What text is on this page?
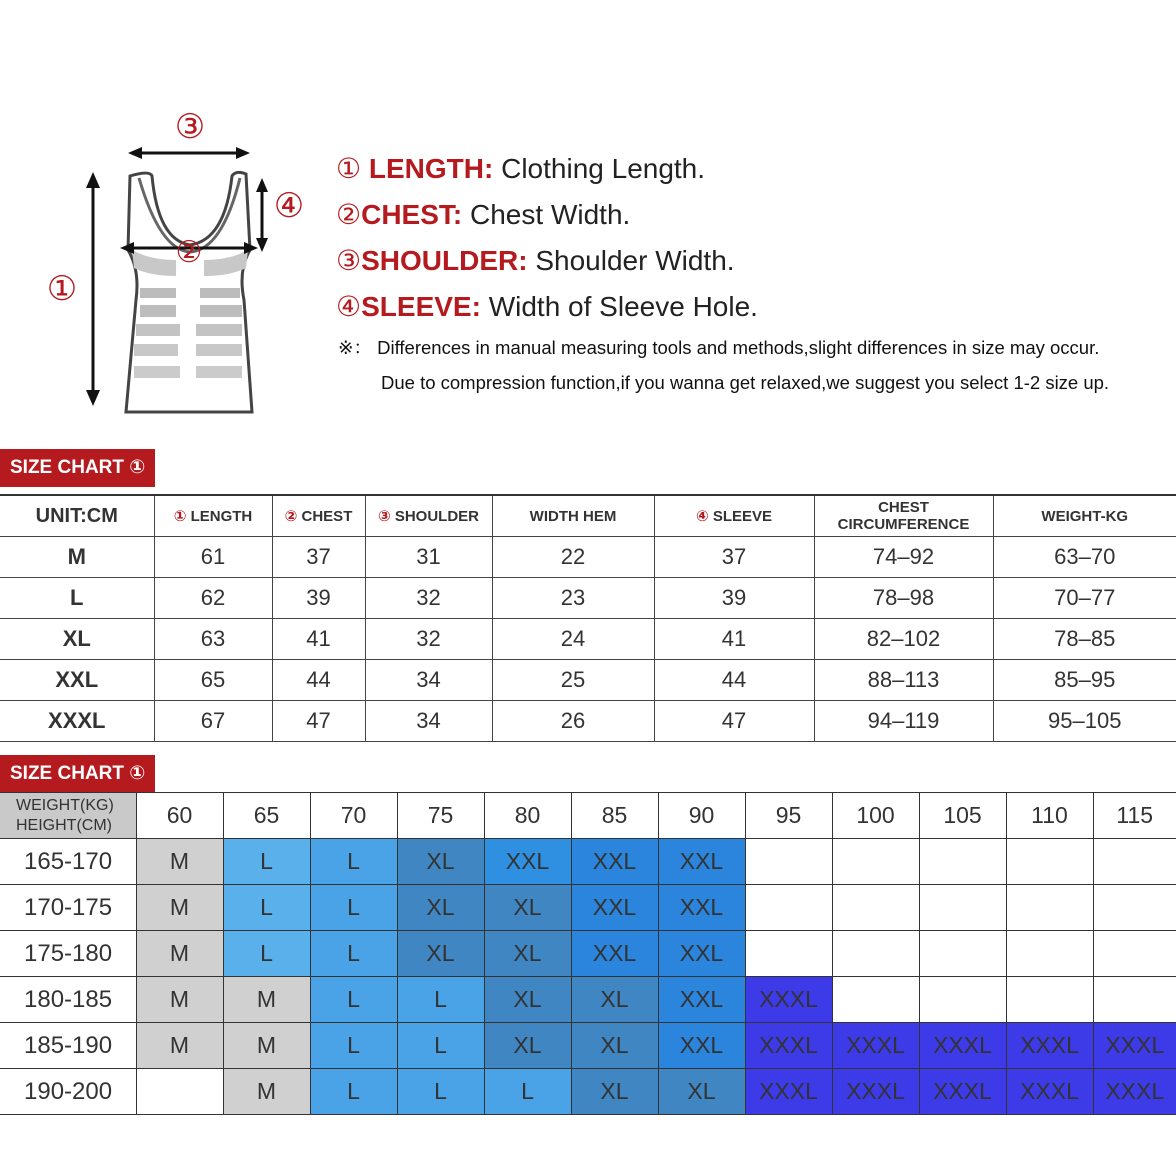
③
④
②
①
① LENGTH: Clothing Length.
②CHEST: Chest Width.
③SHOULDER: Shoulder Width.
④SLEEVE: Width of Sleeve Hole.
※： Differences in manual measuring tools and methods,slight differences in size may occur.
Due to compression function,if you wanna get relaxed,we suggest you select 1-2 size up.
SIZE CHART ①
UNIT:CM	① LENGTH	② CHEST	③ SHOULDER	WIDTH HEM	④ SLEEVE	CHEST CIRCUMFERENCE	WEIGHT-KG
M	61	37	31	22	37	74–92	63–70
L	62	39	32	23	39	78–98	70–77
XL	63	41	32	24	41	82–102	78–85
XXL	65	44	34	25	44	88–113	85–95
XXXL	67	47	34	26	47	94–119	95–105
SIZE CHART ①
WEIGHT(KG)
HEIGHT(CM)	60	65	70	75	80	85	90	95	100	105	110	115
165-170	M	L	L	XL	XXL	XXL	XXL					
170-175	M	L	L	XL	XL	XXL	XXL					
175-180	M	L	L	XL	XL	XXL	XXL					
180-185	M	M	L	L	XL	XL	XXL	XXXL				
185-190	M	M	L	L	XL	XL	XXL	XXXL	XXXL	XXXL	XXXL	XXXL
190-200		M	L	L	L	XL	XL	XXXL	XXXL	XXXL	XXXL	XXXL
